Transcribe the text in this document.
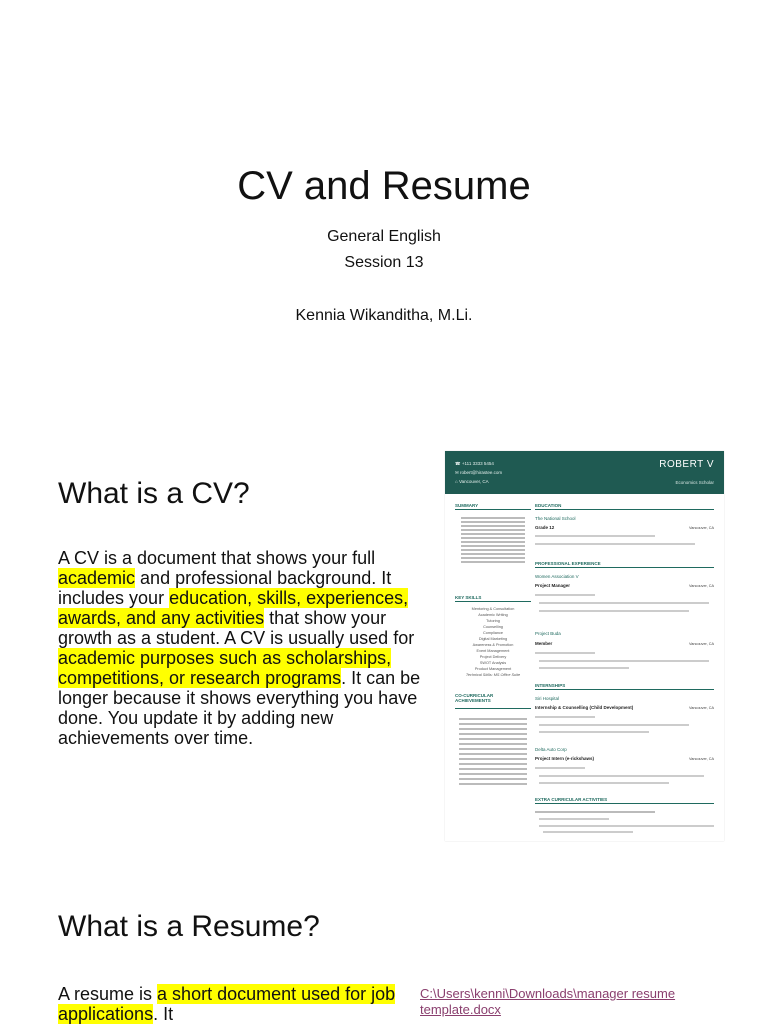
CV and Resume
General English
Session 13
Kennia Wikanditha, M.Li.
What is a CV?
A CV is a document that shows your full academic and professional background. It includes your education, skills, experiences, awards, and any activities that show your growth as a student. A CV is usually used for academic purposes such as scholarships, competitions, or research programs. It can be longer because it shows everything you have done. You update it by adding new achievements over time.
What is a Resume?
A resume is a short document used for job applications. It
C:\Users\kenni\Downloads\manager resume template.docx
☎ +111 3333 5454
✉ robert@hirastee.com
⌂ Vancouver, CA
ROBERT V
Economics Scholar
SUMMARY
KEY SKILLS
Mentoring & Consultation
Academic Writing
Tutoring
Counselling
Compliance
Digital Marketing
Awareness & Promotion
Event Management
Project Delivery
SWOT Analysis
Product Management
Technical Skills: MS Office Suite
CO-CURRICULAR ACHIEVEMENTS
EDUCATION
The National School
Grade 12	Vancouver, CA
PROFESSIONAL EXPERIENCE
Women Association V
Project Manager	Vancouver, CA
Project Buda
Member	Vancouver, CA
INTERNSHIPS
Siri Hospital
Internship & Counselling (Child Development)	Vancouver, CA
Delta Auto Corp
Project Intern (e-rickshaws)	Vancouver, CA
EXTRA CURRICULAR ACTIVITIES
